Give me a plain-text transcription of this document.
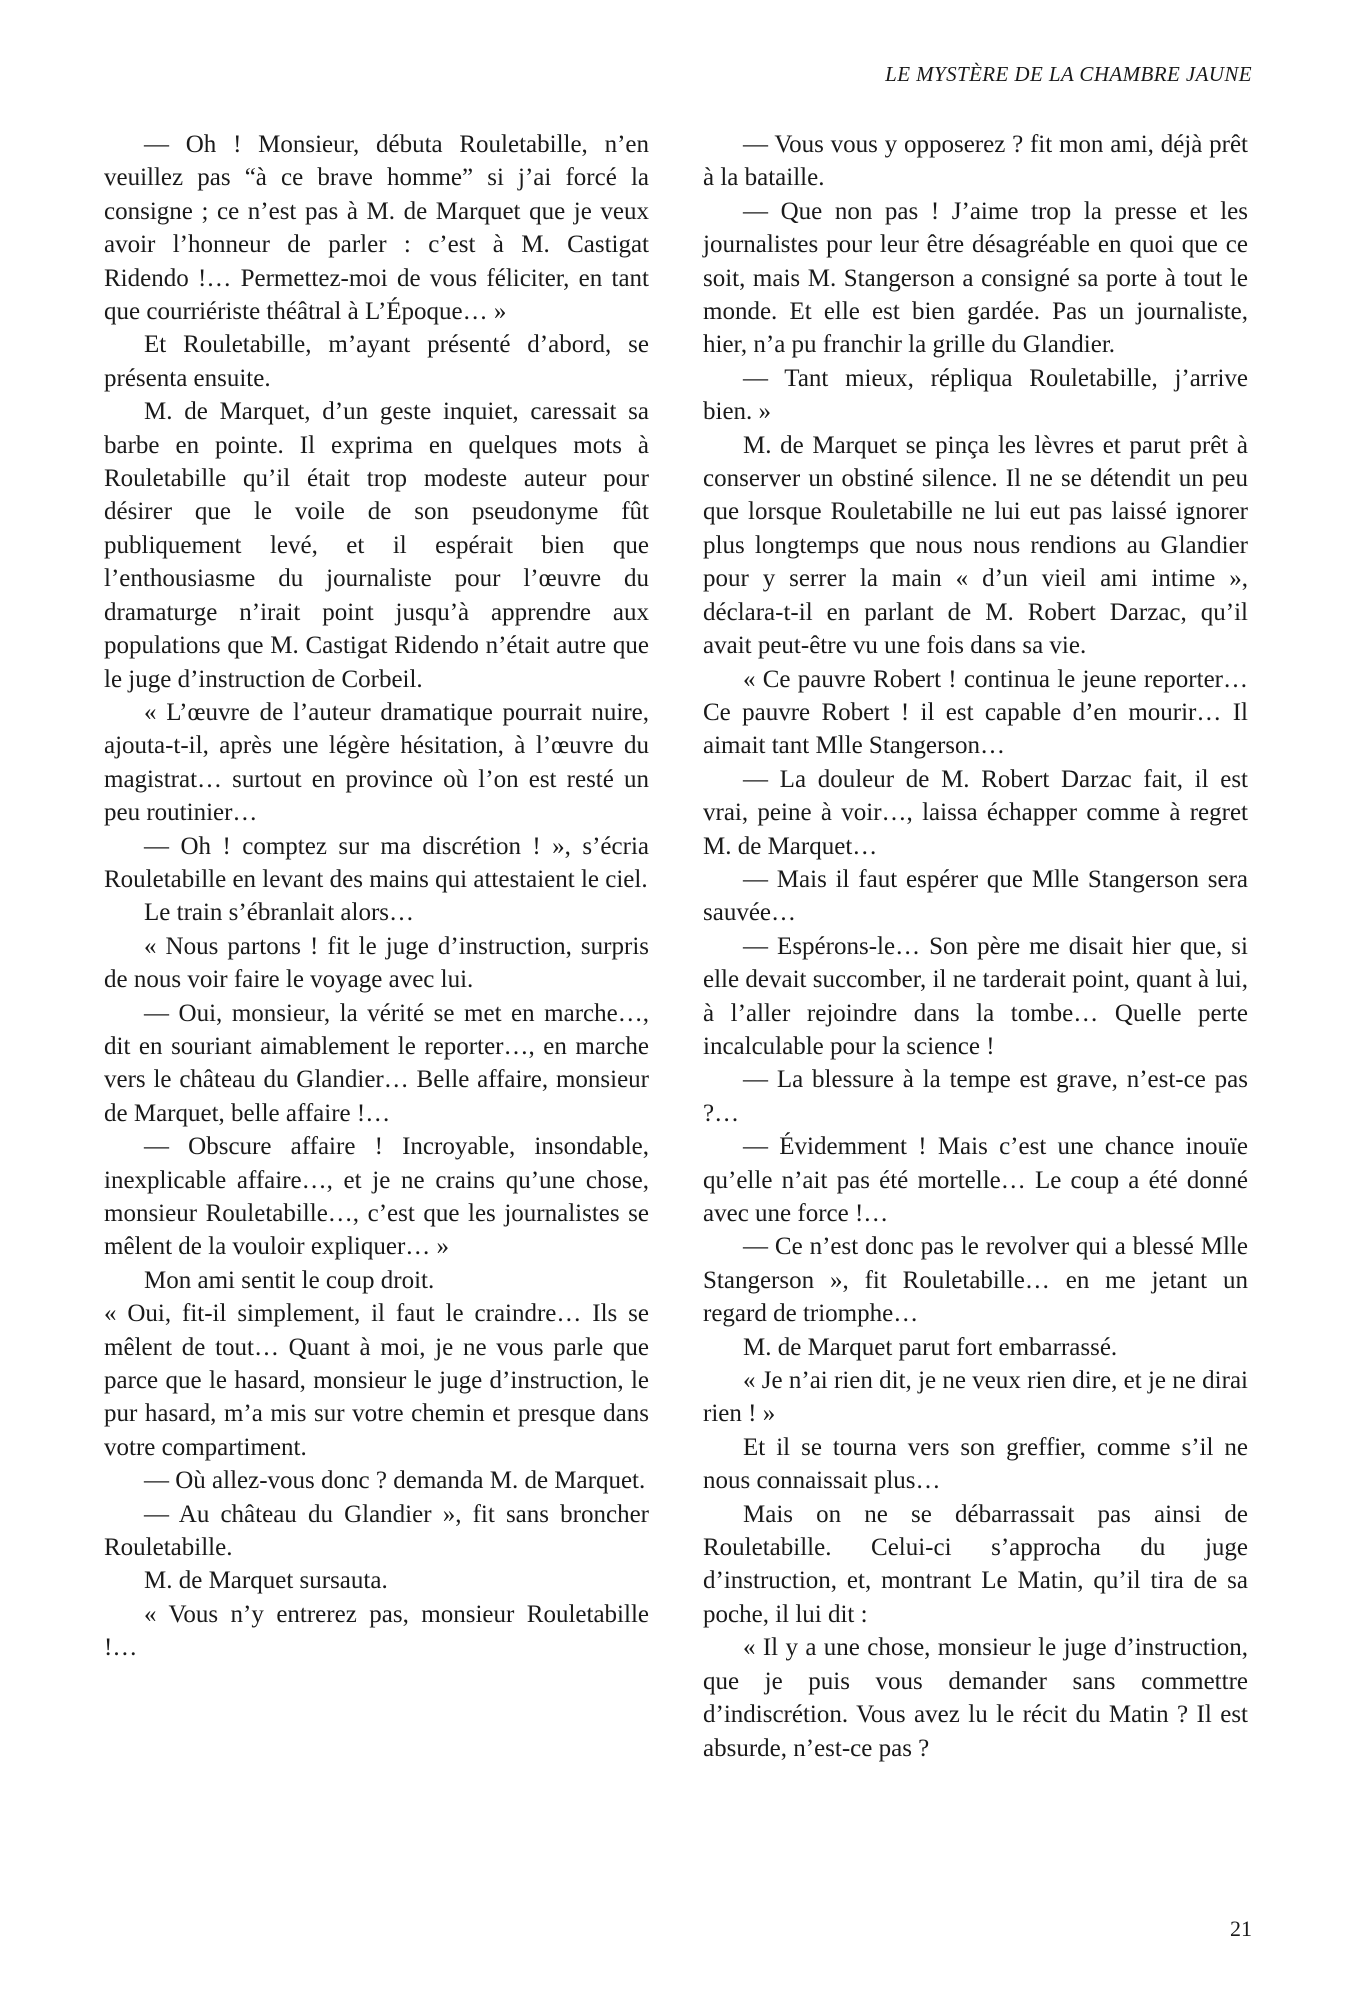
LE MYSTÈRE DE LA CHAMBRE JAUNE

— Oh ! Monsieur, débuta Rouletabille, n’en veuillez pas “à ce brave homme” si j’ai forcé la consigne ; ce n’est pas à M. de Marquet que je veux avoir l’honneur de parler : c’est à M. Castigat Ridendo !… Permettez-moi de vous féliciter, en tant que courriériste théâtral à L’Époque… »

Et Rouletabille, m’ayant présenté d’abord, se présenta ensuite.

M. de Marquet, d’un geste inquiet, caressait sa barbe en pointe. Il exprima en quelques mots à Rouletabille qu’il était trop modeste auteur pour désirer que le voile de son pseudonyme fût publiquement levé, et il espérait bien que l’enthousiasme du journaliste pour l’œuvre du dramaturge n’irait point jusqu’à apprendre aux populations que M. Castigat Ridendo n’était autre que le juge d’instruction de Corbeil.

« L’œuvre de l’auteur dramatique pourrait nuire, ajouta-t-il, après une légère hésitation, à l’œuvre du magistrat… surtout en province où l’on est resté un peu routinier…

— Oh ! comptez sur ma discrétion ! », s’écria Rouletabille en levant des mains qui attestaient le ciel.

Le train s’ébranlait alors…

« Nous partons ! fit le juge d’instruction, surpris de nous voir faire le voyage avec lui.

— Oui, monsieur, la vérité se met en marche…, dit en souriant aimablement le reporter…, en marche vers le château du Glandier… Belle affaire, monsieur de Marquet, belle affaire !…

— Obscure affaire ! Incroyable, insondable, inexplicable affaire…, et je ne crains qu’une chose, monsieur Rouletabille…, c’est que les journalistes se mêlent de la vouloir expliquer… »

Mon ami sentit le coup droit.

« Oui, fit-il simplement, il faut le craindre… Ils se mêlent de tout… Quant à moi, je ne vous parle que parce que le hasard, monsieur le juge d’instruction, le pur hasard, m’a mis sur votre chemin et presque dans votre compartiment.

— Où allez-vous donc ? demanda M. de Marquet.

— Au château du Glandier », fit sans broncher Rouletabille.

M. de Marquet sursauta.

« Vous n’y entrerez pas, monsieur Rouletabille !…

— Vous vous y opposerez ? fit mon ami, déjà prêt à la bataille.

— Que non pas ! J’aime trop la presse et les journalistes pour leur être désagréable en quoi que ce soit, mais M. Stangerson a consigné sa porte à tout le monde. Et elle est bien gardée. Pas un journaliste, hier, n’a pu franchir la grille du Glandier.

— Tant mieux, répliqua Rouletabille, j’arrive bien. »

M. de Marquet se pinça les lèvres et parut prêt à conserver un obstiné silence. Il ne se détendit un peu que lorsque Rouletabille ne lui eut pas laissé ignorer plus longtemps que nous nous rendions au Glandier pour y serrer la main « d’un vieil ami intime », déclara-t-il en parlant de M. Robert Darzac, qu’il avait peut-être vu une fois dans sa vie.

« Ce pauvre Robert ! continua le jeune reporter… Ce pauvre Robert ! il est capable d’en mourir… Il aimait tant Mlle Stangerson…

— La douleur de M. Robert Darzac fait, il est vrai, peine à voir…, laissa échapper comme à regret M. de Marquet…

— Mais il faut espérer que Mlle Stangerson sera sauvée…

— Espérons-le… Son père me disait hier que, si elle devait succomber, il ne tarderait point, quant à lui, à l’aller rejoindre dans la tombe… Quelle perte incalculable pour la science !

— La blessure à la tempe est grave, n’est-ce pas ?…

— Évidemment ! Mais c’est une chance inouïe qu’elle n’ait pas été mortelle… Le coup a été donné avec une force !…

— Ce n’est donc pas le revolver qui a blessé Mlle Stangerson », fit Rouletabille… en me jetant un regard de triomphe…

M. de Marquet parut fort embarrassé.

« Je n’ai rien dit, je ne veux rien dire, et je ne dirai rien ! »

Et il se tourna vers son greffier, comme s’il ne nous connaissait plus…

Mais on ne se débarrassait pas ainsi de Rouletabille. Celui-ci s’approcha du juge d’instruction, et, montrant Le Matin, qu’il tira de sa poche, il lui dit :

« Il y a une chose, monsieur le juge d’instruction, que je puis vous demander sans commettre d’indiscrétion. Vous avez lu le récit du Matin ? Il est absurde, n’est-ce pas ?

21
